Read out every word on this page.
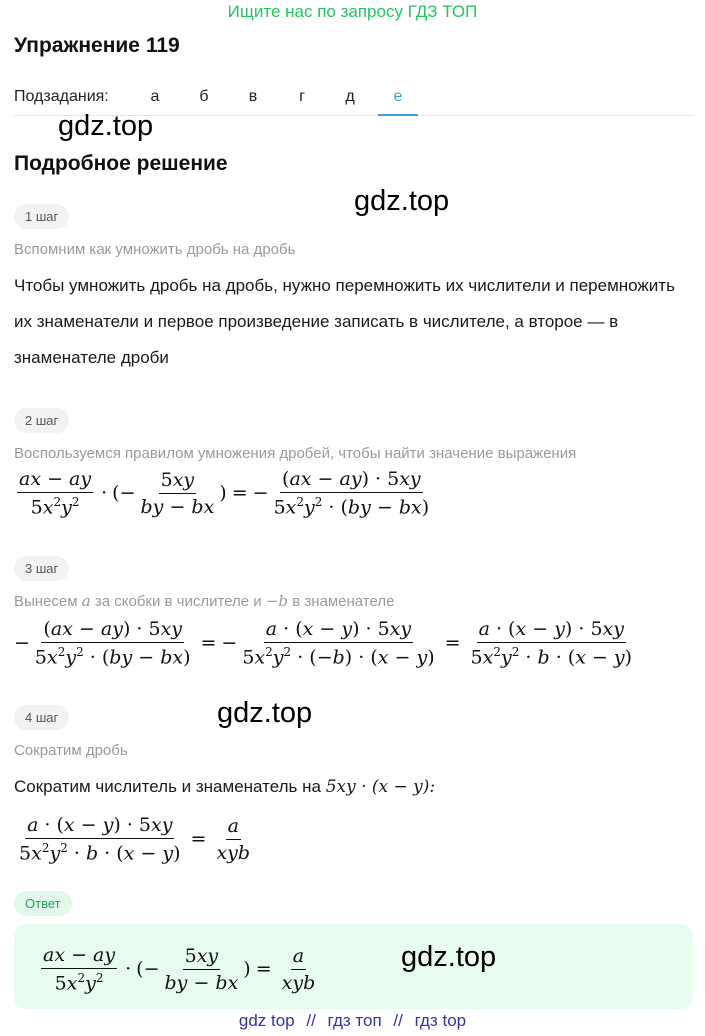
Ищите нас по запросу ГДЗ ТОП
Упражнение 119
Подзадания:	а	б	в	г	д	е
gdz.top
Подробное решение
gdz.top
1 шаг
Вспомним как умножить дробь на дробь
Чтобы умножить дробь на дробь, нужно перемножить их числители и перемножить их знаменатели и первое произведение записать в числителе, а второе — в знаменателе дроби
2 шаг
Воспользуемся правилом умножения дробей, чтобы найти значение выражения
$\frac{ax - ay}{5x^2y^2}$ · (− $\frac{5xy}{by - bx}$ ) = − $\frac{(ax - ay) \cdot 5xy}{5x^2y^2 \cdot (by - bx)}$
3 шаг
Вынесем a за скобки в числителе и −b в знаменателе
− $\frac{(ax - ay) \cdot 5xy}{5x^2y^2 \cdot (by - bx)}$ = − $\frac{a \cdot (x - y) \cdot 5xy}{5x^2y^2 \cdot (-b) \cdot (x - y)} = \frac{a \cdot (x - y) \cdot 5xy}{5x^2y^2 \cdot b \cdot (x - y)}$
4 шаг	gdz.top
Сократим дробь
Сократим числитель и знаменатель на 5xy · (x − y):
$\frac{a \cdot (x - y) \cdot 5xy}{5x^2y^2 \cdot b \cdot (x - y)} = \frac{a}{\text{xyb}}$
Ответ
$\frac{ax - ay}{5x^2y^2}$ · (− $\frac{5xy}{by - bx}$ ) = $\frac{a}{\text{xyb}}$	gdz.top
gdz top // гдз топ // гдз top
